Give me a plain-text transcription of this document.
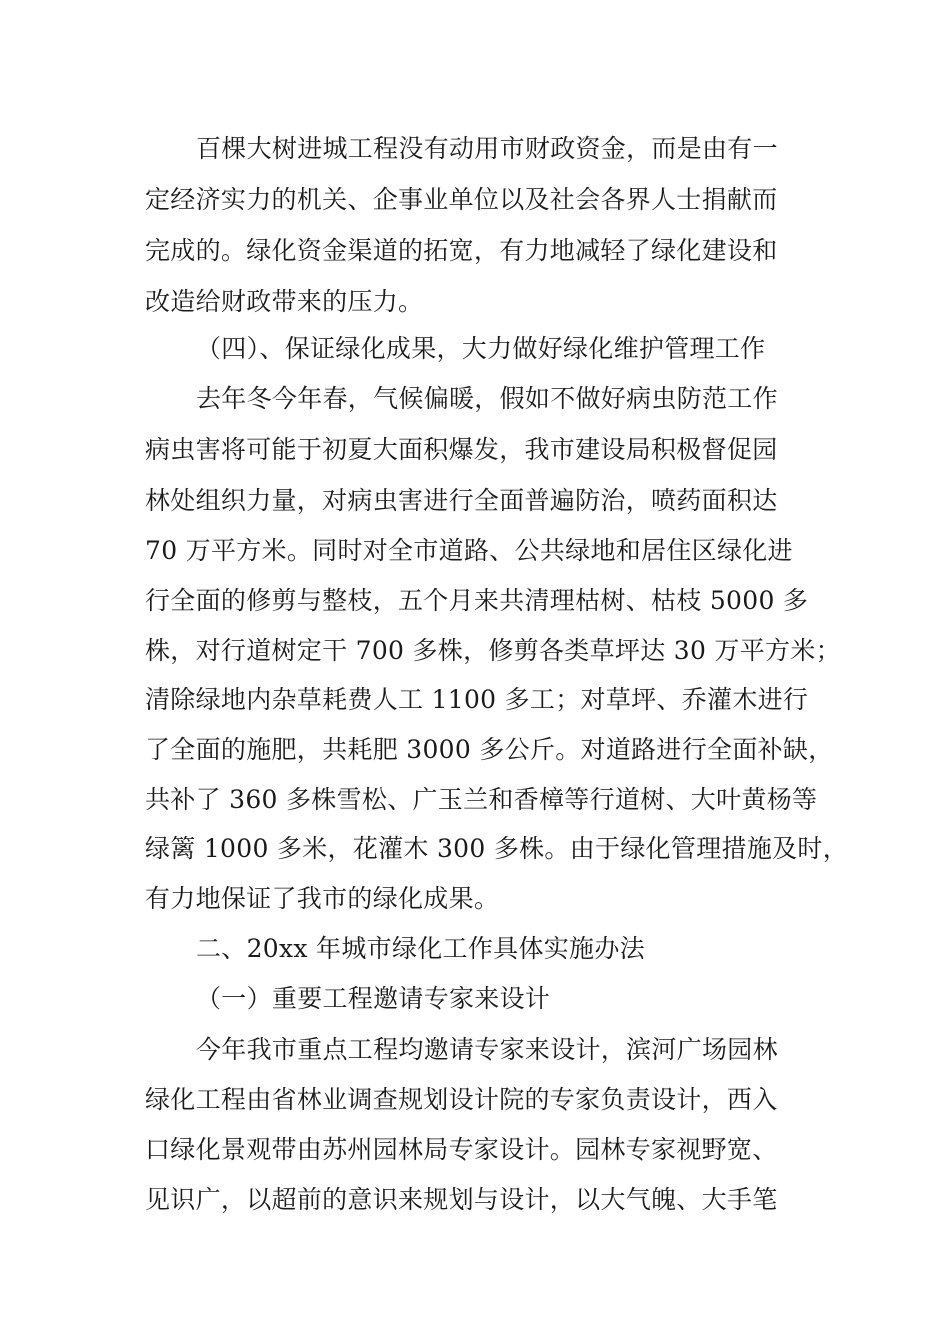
百棵大树进城工程没有动用市财政资金，而是由有一
定经济实力的机关、企事业单位以及社会各界人士捐献而
完成的。绿化资金渠道的拓宽，有力地减轻了绿化建设和
改造给财政带来的压力。
（四）、保证绿化成果，大力做好绿化维护管理工作
去年冬今年春，气候偏暖，假如不做好病虫防范工作
病虫害将可能于初夏大面积爆发，我市建设局积极督促园
林处组织力量，对病虫害进行全面普遍防治，喷药面积达
70 万平方米。同时对全市道路、公共绿地和居住区绿化进
行全面的修剪与整枝，五个月来共清理枯树、枯枝 5000 多
株，对行道树定干 700 多株，修剪各类草坪达 30 万平方米；
清除绿地内杂草耗费人工 1100 多工；对草坪、乔灌木进行
了全面的施肥，共耗肥 3000 多公斤。对道路进行全面补缺，
共补了 360 多株雪松、广玉兰和香樟等行道树、大叶黄杨等
绿篱 1000 多米，花灌木 300 多株。由于绿化管理措施及时，
有力地保证了我市的绿化成果。
二、20xx 年城市绿化工作具体实施办法
（一）重要工程邀请专家来设计
今年我市重点工程均邀请专家来设计，滨河广场园林
绿化工程由省林业调查规划设计院的专家负责设计，西入
口绿化景观带由苏州园林局专家设计。园林专家视野宽、
见识广，以超前的意识来规划与设计，以大气魄、大手笔
